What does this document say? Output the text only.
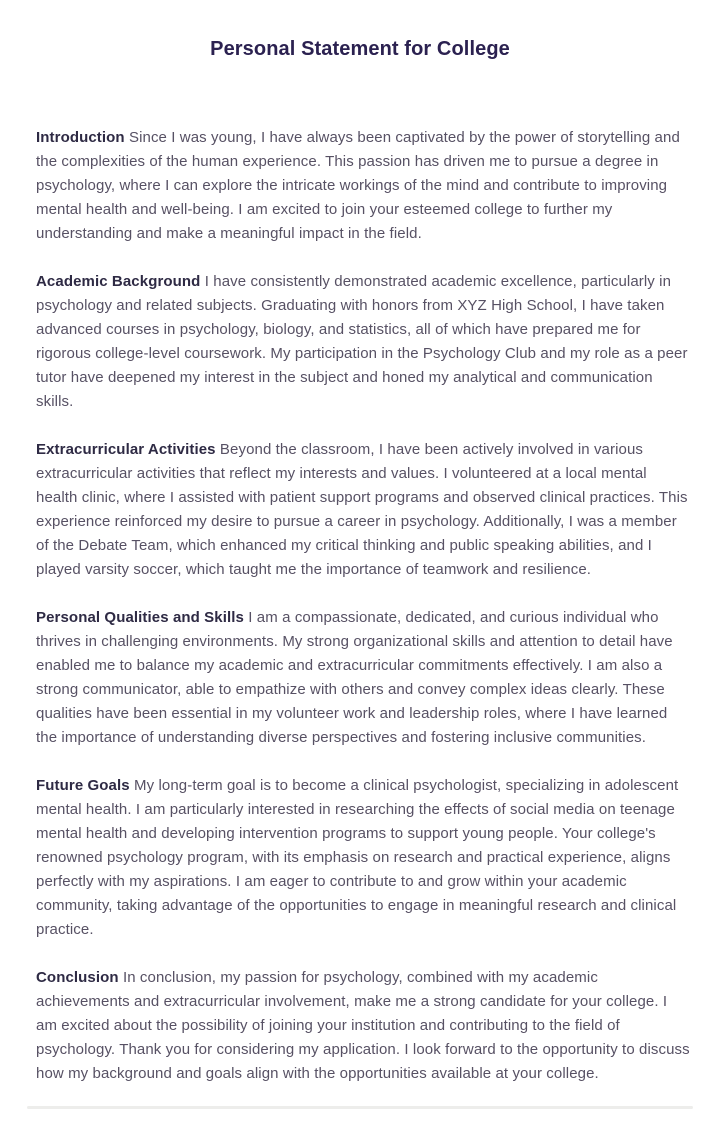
Personal Statement for College

Introduction Since I was young, I have always been captivated by the power of storytelling and the complexities of the human experience. This passion has driven me to pursue a degree in psychology, where I can explore the intricate workings of the mind and contribute to improving mental health and well-being. I am excited to join your esteemed college to further my understanding and make a meaningful impact in the field.

Academic Background I have consistently demonstrated academic excellence, particularly in psychology and related subjects. Graduating with honors from XYZ High School, I have taken advanced courses in psychology, biology, and statistics, all of which have prepared me for rigorous college-level coursework. My participation in the Psychology Club and my role as a peer tutor have deepened my interest in the subject and honed my analytical and communication skills.

Extracurricular Activities Beyond the classroom, I have been actively involved in various extracurricular activities that reflect my interests and values. I volunteered at a local mental health clinic, where I assisted with patient support programs and observed clinical practices. This experience reinforced my desire to pursue a career in psychology. Additionally, I was a member of the Debate Team, which enhanced my critical thinking and public speaking abilities, and I played varsity soccer, which taught me the importance of teamwork and resilience.

Personal Qualities and Skills I am a compassionate, dedicated, and curious individual who thrives in challenging environments. My strong organizational skills and attention to detail have enabled me to balance my academic and extracurricular commitments effectively. I am also a strong communicator, able to empathize with others and convey complex ideas clearly. These qualities have been essential in my volunteer work and leadership roles, where I have learned the importance of understanding diverse perspectives and fostering inclusive communities.

Future Goals My long-term goal is to become a clinical psychologist, specializing in adolescent mental health. I am particularly interested in researching the effects of social media on teenage mental health and developing intervention programs to support young people. Your college's renowned psychology program, with its emphasis on research and practical experience, aligns perfectly with my aspirations. I am eager to contribute to and grow within your academic community, taking advantage of the opportunities to engage in meaningful research and clinical practice.

Conclusion In conclusion, my passion for psychology, combined with my academic achievements and extracurricular involvement, make me a strong candidate for your college. I am excited about the possibility of joining your institution and contributing to the field of psychology. Thank you for considering my application. I look forward to the opportunity to discuss how my background and goals align with the opportunities available at your college.
